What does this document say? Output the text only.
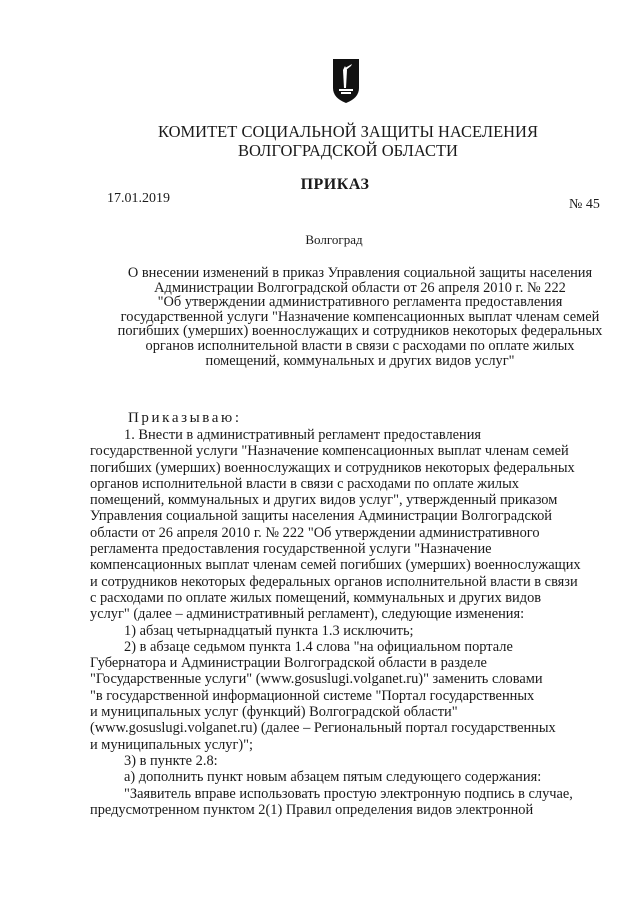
КОМИТЕТ СОЦИАЛЬНОЙ ЗАЩИТЫ НАСЕЛЕНИЯ
ВОЛГОГРАДСКОЙ ОБЛАСТИ
ПРИКАЗ
17.01.2019	№ 45
Волгоград
О внесении изменений в приказ Управления социальной защиты населения
Администрации Волгоградской области от 26 апреля 2010 г. № 222
"Об утверждении административного регламента предоставления
государственной услуги "Назначение компенсационных выплат членам семей
погибших (умерших) военнослужащих и сотрудников некоторых федеральных
органов исполнительной власти в связи с расходами по оплате жилых
помещений, коммунальных и других видов услуг"
Приказываю:
1. Внести в административный регламент предоставления
государственной услуги "Назначение компенсационных выплат членам семей
погибших (умерших) военнослужащих и сотрудников некоторых федеральных
органов исполнительной власти в связи с расходами по оплате жилых
помещений, коммунальных и других видов услуг", утвержденный приказом
Управления социальной защиты населения Администрации Волгоградской
области от 26 апреля 2010 г. № 222 "Об утверждении административного
регламента предоставления государственной услуги "Назначение
компенсационных выплат членам семей погибших (умерших) военнослужащих
и сотрудников некоторых федеральных органов исполнительной власти в связи
с расходами по оплате жилых помещений, коммунальных и других видов
услуг" (далее – административный регламент), следующие изменения:
1) абзац четырнадцатый пункта 1.3 исключить;
2) в абзаце седьмом пункта 1.4 слова "на официальном портале
Губернатора и Администрации Волгоградской области в разделе
"Государственные услуги" (www.gosuslugi.volganet.ru)" заменить словами
"в государственной информационной системе "Портал государственных
и муниципальных услуг (функций) Волгоградской области"
(www.gosuslugi.volganet.ru) (далее – Региональный портал государственных
и муниципальных услуг)";
3) в пункте 2.8:
а) дополнить пункт новым абзацем пятым следующего содержания:
"Заявитель вправе использовать простую электронную подпись в случае,
предусмотренном пунктом 2(1) Правил определения видов электронной
